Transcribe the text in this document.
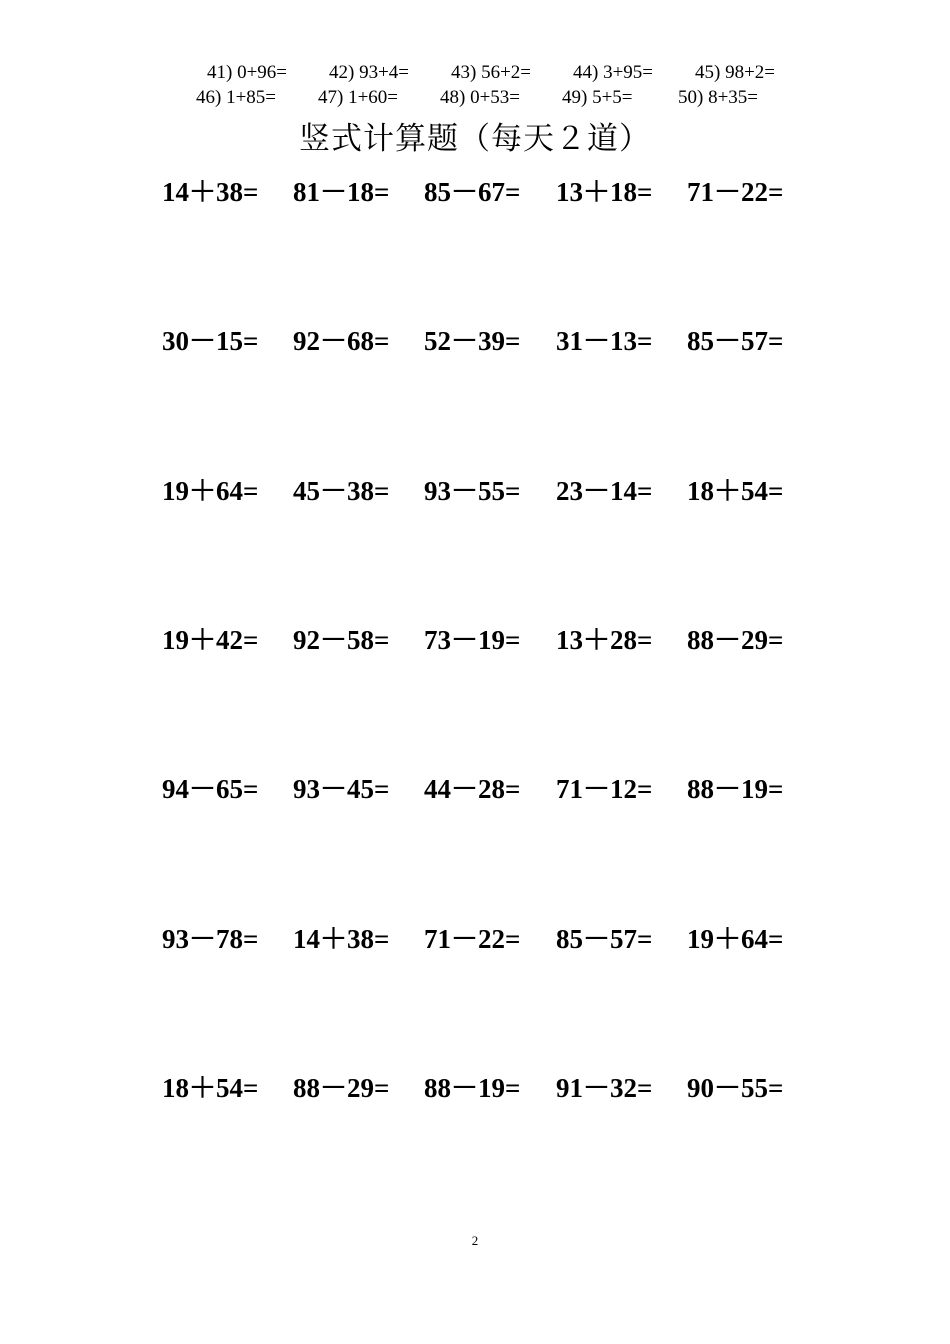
41) 0+96= 42) 93+4= 43) 56+2= 44) 3+95= 45) 98+2=
46) 1+85= 47) 1+60= 48) 0+53= 49) 5+5= 50) 8+35=
竖式计算题（每天２道）
14＋38= 81－18= 85－67= 13＋18= 71－22=
30－15= 92－68= 52－39= 31－13= 85－57=
19＋64= 45－38= 93－55= 23－14= 18＋54=
19＋42= 92－58= 73－19= 13＋28= 88－29=
94－65= 93－45= 44－28= 71－12= 88－19=
93－78= 14＋38= 71－22= 85－57= 19＋64=
18＋54= 88－29= 88－19= 91－32= 90－55=
2
